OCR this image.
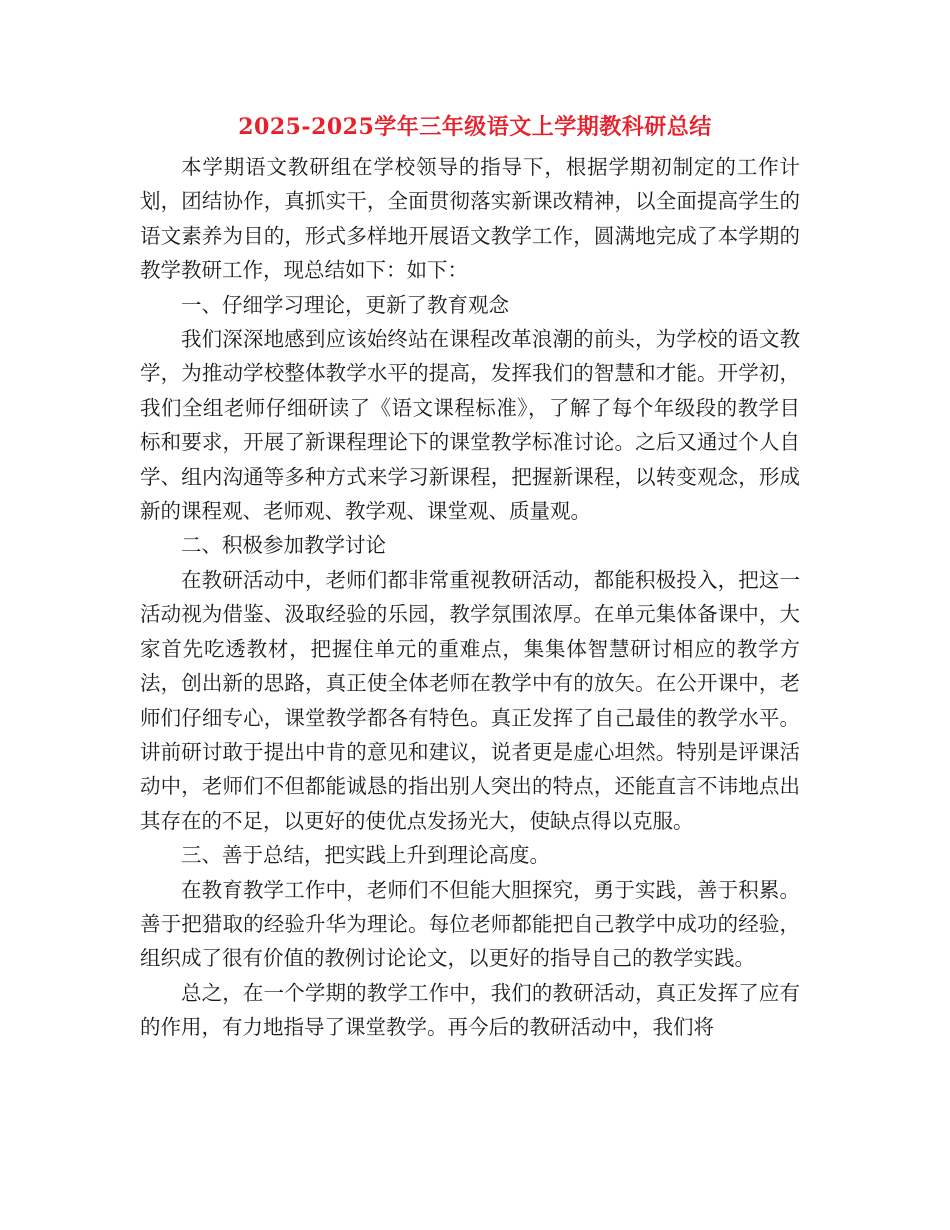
2025-2025学年三年级语文上学期教科研总结

本学期语文教研组在学校领导的指导下，根据学期初制定的工作计划，团结协作，真抓实干，全面贯彻落实新课改精神，以全面提高学生的语文素养为目的，形式多样地开展语文教学工作，圆满地完成了本学期的教学教研工作，现总结如下：如下：

一、仔细学习理论，更新了教育观念

我们深深地感到应该始终站在课程改革浪潮的前头，为学校的语文教学，为推动学校整体教学水平的提高，发挥我们的智慧和才能。开学初，我们全组老师仔细研读了《语文课程标准》，了解了每个年级段的教学目标和要求，开展了新课程理论下的课堂教学标准讨论。之后又通过个人自学、组内沟通等多种方式来学习新课程，把握新课程，以转变观念，形成新的课程观、老师观、教学观、课堂观、质量观。

二、积极参加教学讨论

在教研活动中，老师们都非常重视教研活动，都能积极投入，把这一活动视为借鉴、汲取经验的乐园，教学氛围浓厚。在单元集体备课中，大家首先吃透教材，把握住单元的重难点，集集体智慧研讨相应的教学方法，创出新的思路，真正使全体老师在教学中有的放矢。在公开课中，老师们仔细专心，课堂教学都各有特色。真正发挥了自己最佳的教学水平。讲前研讨敢于提出中肯的意见和建议，说者更是虚心坦然。特别是评课活动中，老师们不但都能诚恳的指出别人突出的特点，还能直言不讳地点出其存在的不足，以更好的使优点发扬光大，使缺点得以克服。

三、善于总结，把实践上升到理论高度。

在教育教学工作中，老师们不但能大胆探究，勇于实践，善于积累。善于把猎取的经验升华为理论。每位老师都能把自己教学中成功的经验，组织成了很有价值的教例讨论论文，以更好的指导自己的教学实践。

总之，在一个学期的教学工作中，我们的教研活动，真正发挥了应有的作用，有力地指导了课堂教学。再今后的教研活动中，我们将
